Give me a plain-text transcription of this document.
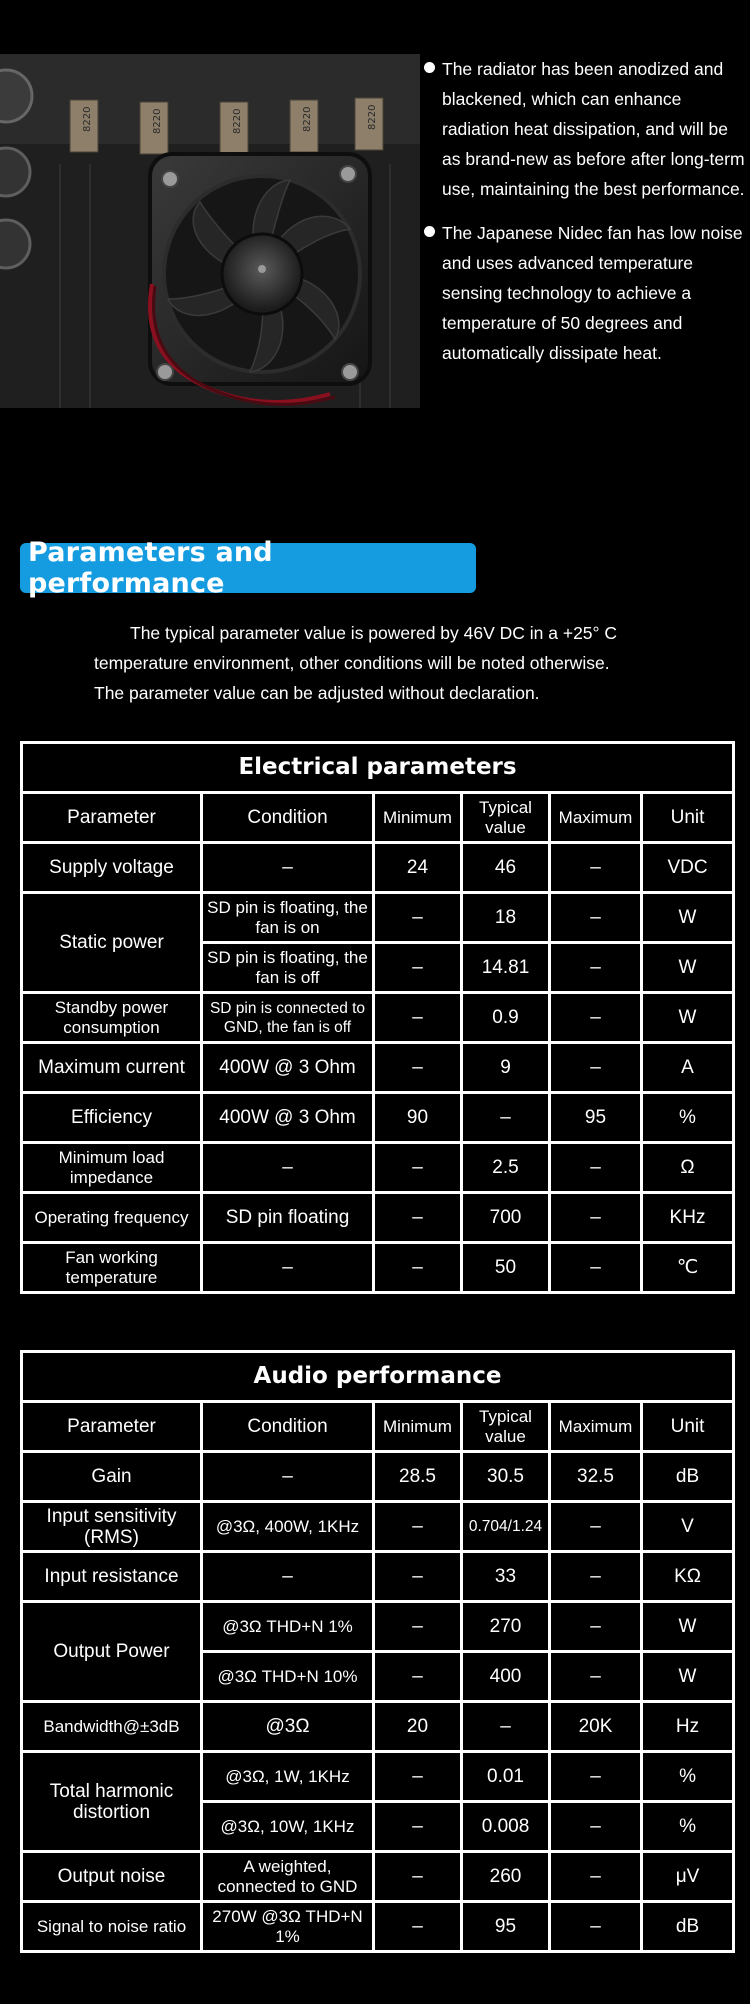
8220	8220	8220	8220	8220

The radiator has been anodized and blackened, which can enhance radiation heat dissipation, and will be as brand-new as before after long-term use, maintaining the best performance.

The Japanese Nidec fan has low noise and uses advanced temperature sensing technology to achieve a temperature of 50 degrees and automatically dissipate heat.

Parameters and performance
The typical parameter value is powered by 46V DC in a +25° C
temperature environment, other conditions will be noted otherwise.
The parameter value can be adjusted without declaration.
Electrical parameters					
Parameter	Condition	Minimum	Typical value	Maximum	Unit
Supply voltage	–	24	46	–	VDC
Static power	SD pin is floating, the fan is on	–	18	–	W
	SD pin is floating, the fan is off	–	14.81	–	W
Standby power consumption	SD pin is connected to GND, the fan is off	–	0.9	–	W
Maximum current	400W @ 3 Ohm	–	9	–	A
Efficiency	400W @ 3 Ohm	90	–	95	%
Minimum load impedance	–	–	2.5	–	Ω
Operating frequency	SD pin floating	–	700	–	KHz
Fan working temperature	–	–	50	–	℃
Audio performance					
Parameter	Condition	Minimum	Typical value	Maximum	Unit
Gain	–	28.5	30.5	32.5	dB
Input sensitivity (RMS)	@3Ω, 400W, 1KHz	–	0.704/1.24	–	V
Input resistance	–	–	33	–	KΩ
Output Power	@3Ω THD+N 1%	–	270	–	W
	@3Ω THD+N 10%	–	400	–	W
Bandwidth@±3dB	@3Ω	20	–	20K	Hz
Total harmonic distortion	@3Ω, 1W, 1KHz	–	0.01	–	%
	@3Ω, 10W, 1KHz	–	0.008	–	%
Output noise	A weighted, connected to GND	–	260	–	μV
Signal to noise ratio	270W @3Ω THD+N 1%	–	95	–	dB
